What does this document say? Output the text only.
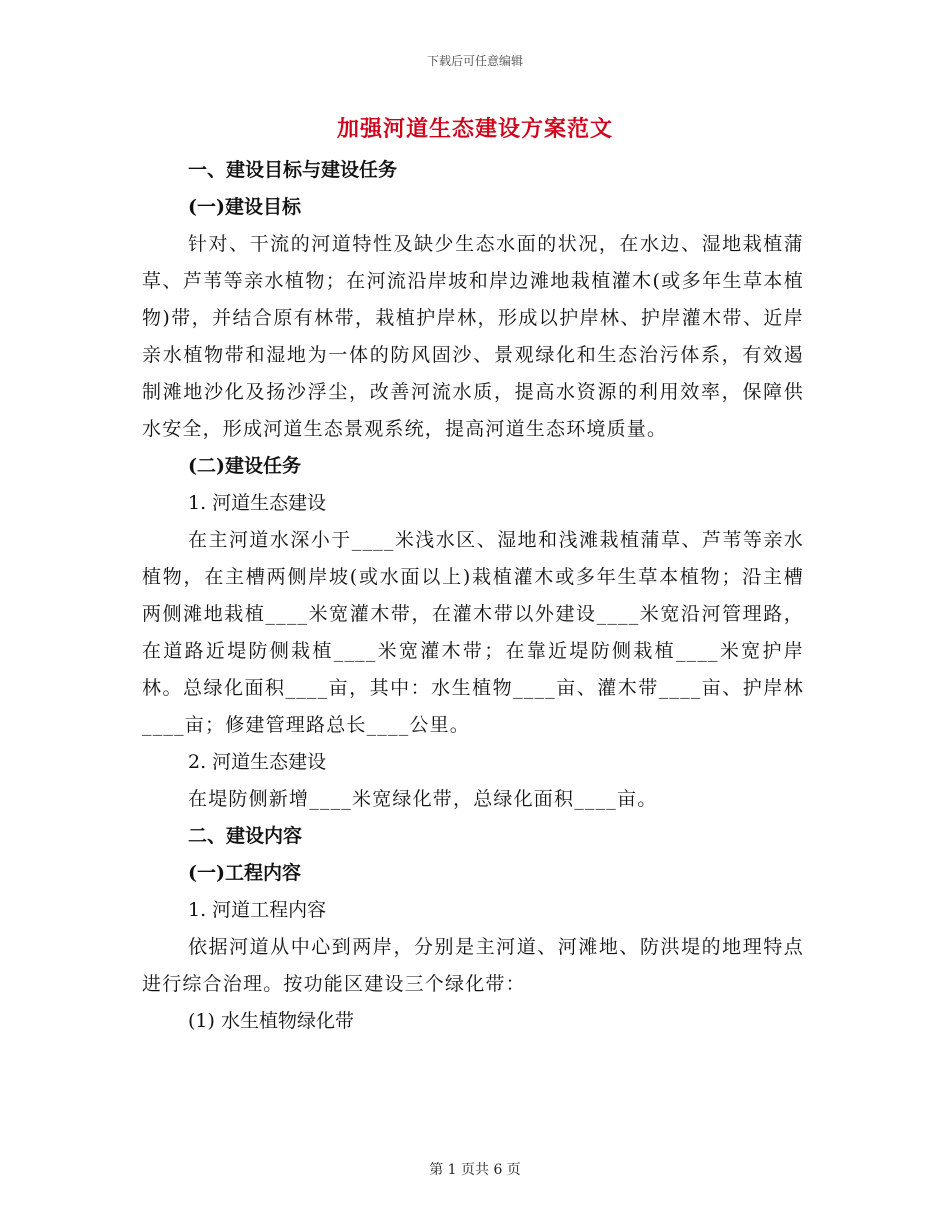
下载后可任意编辑
加强河道生态建设方案范文
一、建设目标与建设任务
(一)建设目标

针对、干流的河道特性及缺少生态水面的状况，在水边、湿地栽植蒲草、芦苇等亲水植物；在河流沿岸坡和岸边滩地栽植灌木(或多年生草本植物)带，并结合原有林带，栽植护岸林，形成以护岸林、护岸灌木带、近岸亲水植物带和湿地为一体的防风固沙、景观绿化和生态治污体系，有效遏制滩地沙化及扬沙浮尘，改善河流水质，提高水资源的利用效率，保障供水安全，形成河道生态景观系统，提高河道生态环境质量。

(二)建设任务
1. 河道生态建设

在主河道水深小于____米浅水区、湿地和浅滩栽植蒲草、芦苇等亲水植物，在主槽两侧岸坡(或水面以上)栽植灌木或多年生草本植物；沿主槽两侧滩地栽植____米宽灌木带，在灌木带以外建设____米宽沿河管理路，在道路近堤防侧栽植____米宽灌木带；在靠近堤防侧栽植____米宽护岸林。总绿化面积____亩，其中：水生植物____亩、灌木带____亩、护岸林____亩；修建管理路总长____公里。

2. 河道生态建设

在堤防侧新增____米宽绿化带，总绿化面积____亩。

二、建设内容
(一)工程内容
1. 河道工程内容

依据河道从中心到两岸，分别是主河道、河滩地、防洪堤的地理特点进行综合治理。按功能区建设三个绿化带：

(1) 水生植物绿化带
第 1 页共 6 页
